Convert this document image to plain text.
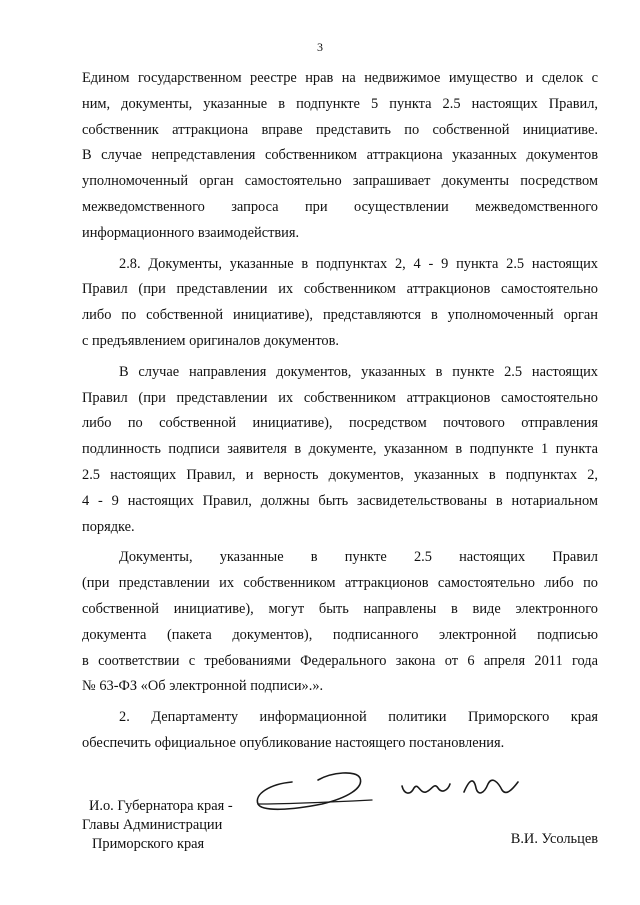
3

Едином государственном реестре нрав на недвижимое имущество и сделок с
ним, документы, указанные в подпункте 5 пункта 2.5 настоящих Правил,
собственник аттракциона вправе представить по собственной инициативе.
В случае непредставления собственником аттракциона указанных документов
уполномоченный орган самостоятельно запрашивает документы посредством
межведомственного запроса при осуществлении межведомственного
информационного взаимодействия.

2.8. Документы, указанные в подпунктах 2, 4 - 9 пункта 2.5 настоящих
Правил (при представлении их собственником аттракционов самостоятельно
либо по собственной инициативе), представляются в уполномоченный орган
с предъявлением оригиналов документов.

В случае направления документов, указанных в пункте 2.5 настоящих
Правил (при представлении их собственником аттракционов самостоятельно
либо по собственной инициативе), посредством почтового отправления
подлинность подписи заявителя в документе, указанном в подпункте 1 пункта
2.5 настоящих Правил, и верность документов, указанных в подпунктах 2,
4 - 9 настоящих Правил, должны быть засвидетельствованы в нотариальном
порядке.

Документы, указанные в пункте 2.5 настоящих Правил
(при представлении их собственником аттракционов самостоятельно либо по
собственной инициативе), могут быть направлены в виде электронного
документа (пакета документов), подписанного электронной подписью
в соответствии с требованиями Федерального закона от 6 апреля 2011 года
№ 63-ФЗ «Об электронной подписи».».

2. Департаменту информационной политики Приморского края
обеспечить официальное опубликование настоящего постановления.

И.о. Губернатора края -
Главы Администрации
Приморского края	В.И. Усольцев
